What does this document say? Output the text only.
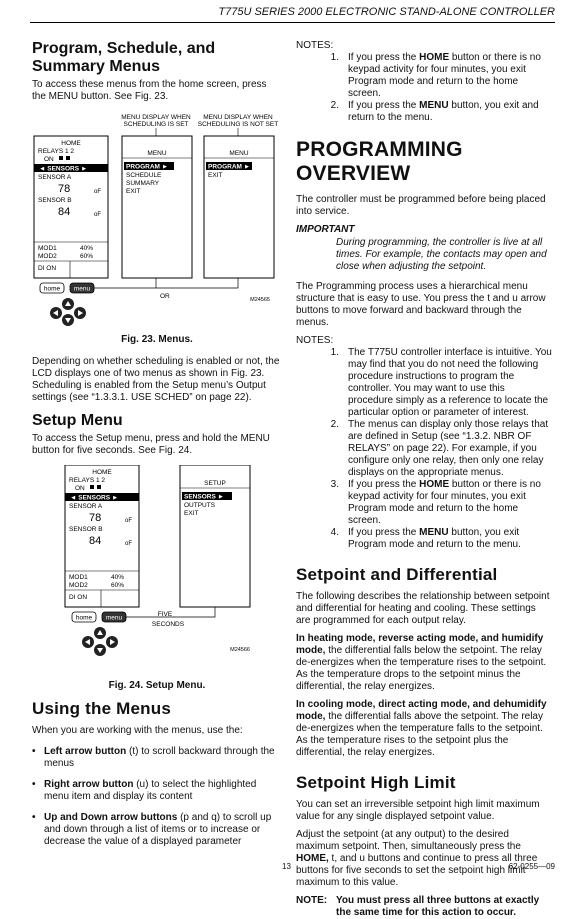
T775U SERIES 2000 ELECTRONIC STAND-ALONE CONTROLLER
Program, Schedule, and Summary Menus

To access these menus from the home screen, press the MENU button. See Fig. 23.

MENU DISPLAY WHEN
SCHEDULING IS SET
MENU DISPLAY WHEN
SCHEDULING IS NOT SET
HOME
RELAYS 1 2
ON
◄ SENSORS ►
SENSOR A
78	oF
SENSOR B
84	oF
MOD1	40%
MOD2	60%
DI ON
MENU
PROGRAM ►
SCHEDULE
SUMMARY
EXIT
MENU
PROGRAM ►
EXIT
home menu
OR	M24565
Fig. 23. Menus.

Depending on whether scheduling is enabled or not, the LCD displays one of two menus as shown in Fig. 23. Scheduling is enabled from the Setup menu’s Output settings (see “1.3.3.1. USE SCHED” on page 22).

Setup Menu

To access the Setup menu, press and hold the MENU button for five seconds. See Fig. 24.

HOME
RELAYS 1 2
ON
◄ SENSORS ►
SENSOR A
78	oF
SENSOR B
84	oF
MOD1	40%
MOD2	60%
DI ON
SETUP
SENSORS ►
OUTPUTS
EXIT
home menu	FIVE
SECONDS
M24566
Fig. 24. Setup Menu.
Using the Menus

When you are working with the menus, use the:

• Left arrow button (t) to scroll backward through the menus
• Right arrow button (u) to select the highlighted menu item and display its content
• Up and Down arrow buttons (p and q) to scroll up and down through a list of items or to increase or decrease the value of a displayed parameter
NOTES:
1. If you press the HOME button or there is no keypad activity for four minutes, you exit Program mode and return to the home screen.
2. If you press the MENU button, you exit and return to the menu.
PROGRAMMING OVERVIEW

The controller must be programmed before being placed into service.

IMPORTANT
During programming, the controller is live at all times. For example, the contacts may open and close when adjusting the setpoint.

The Programming process uses a hierarchical menu structure that is easy to use. You press the t and u arrow buttons to move forward and backward through the menus.

NOTES:
1. The T775U controller interface is intuitive. You may find that you do not need the following procedure instructions to program the controller. You may want to use this procedure simply as a reference to locate the particular option or parameter of interest.
2. The menus can display only those relays that are defined in Setup (see “1.3.2. NBR OF RELAYS” on page 22). For example, if you configure only one relay, then only one relay displays on the appropriate menus.
3. If you press the HOME button or there is no keypad activity for four minutes, you exit Program mode and return to the home screen.
4. If you press the MENU button, you exit Program mode and return to the menu.
Setpoint and Differential

The following describes the relationship between setpoint and differential for heating and cooling. These settings are programmed for each output relay.

In heating mode, reverse acting mode, and humidify mode, the differential falls below the setpoint. The relay de-energizes when the temperature rises to the setpoint. As the temperature drops to the setpoint minus the differential, the relay energizes.

In cooling mode, direct acting mode, and dehumidify mode, the differential falls above the setpoint. The relay de-energizes when the temperature falls to the setpoint. As the temperature rises to the setpoint plus the differential, the relay energizes.

Setpoint High Limit

You can set an irreversible setpoint high limit maximum value for any single displayed setpoint value.

Adjust the setpoint (at any output) to the desired maximum setpoint. Then, simultaneously press the HOME, t, and u buttons and continue to press all three buttons for five seconds to set the setpoint high limit maximum to this value.

NOTE: You must press all three buttons at exactly the same time for this action to occur.
13	62-0255—09
